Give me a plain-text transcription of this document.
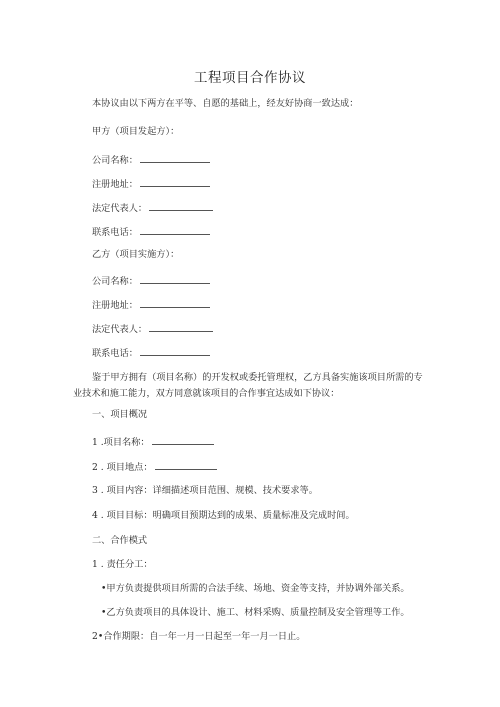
工程项目合作协议
本协议由以下两方在平等、自愿的基础上，经友好协商一致达成：
甲方（项目发起方）：
公司名称：
注册地址：
法定代表人：
联系电话：
乙方（项目实施方）：
公司名称：
注册地址：
法定代表人：
联系电话：
鉴于甲方拥有（项目名称）的开发权或委托管理权，乙方具备实施该项目所需的专业技术和施工能力，双方同意就该项目的合作事宜达成如下协议：
一、项目概况
1 .项目名称：
2 . 项目地点：
3 . 项目内容：详细描述项目范围、规模、技术要求等。
4 . 项目目标：明确项目预期达到的成果、质量标准及完成时间。
二、合作模式
1 . 责任分工：
•甲方负责提供项目所需的合法手续、场地、资金等支持，并协调外部关系。
•乙方负责项目的具体设计、施工、材料采购、质量控制及安全管理等工作。
2•合作期限：自一年一月一日起至一年一月一日止。
